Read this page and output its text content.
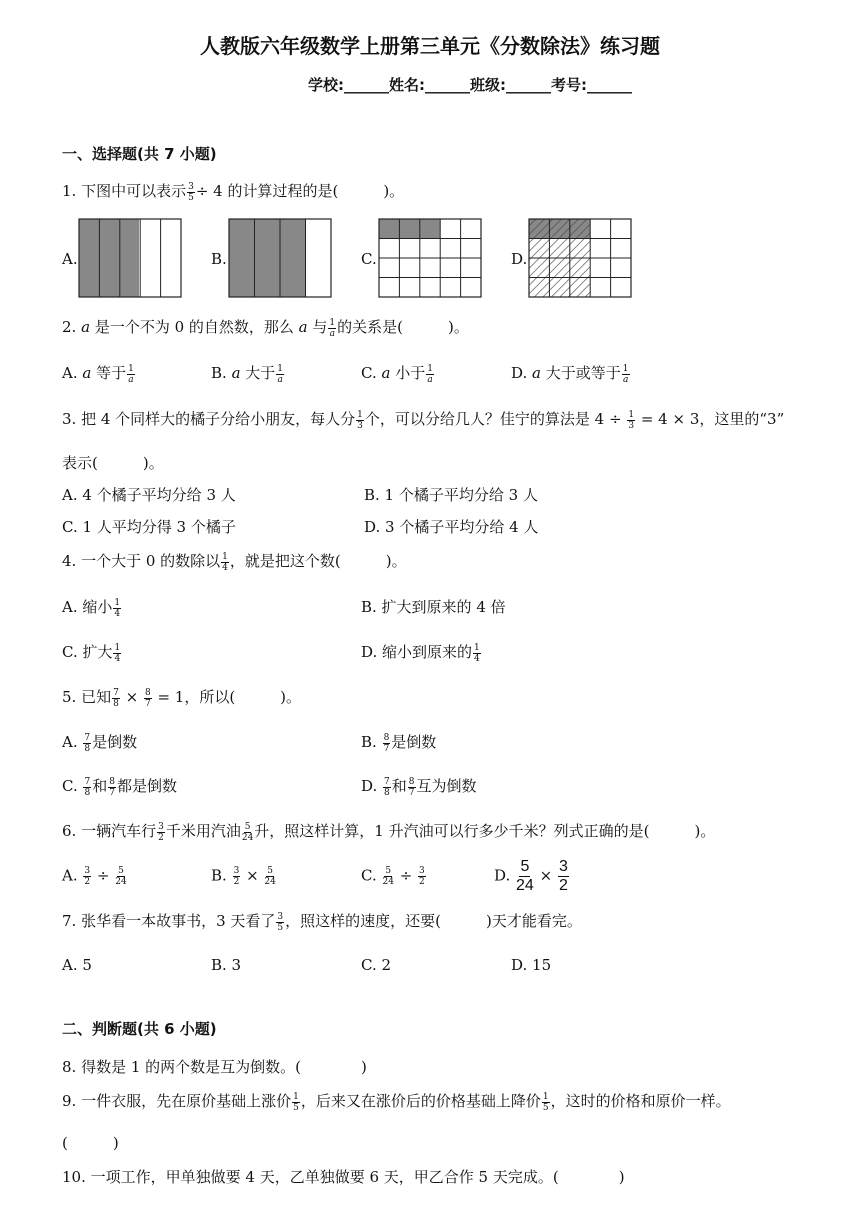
人教版六年级数学上册第三单元《分数除法》练习题
学校:______姓名:______班级:______考号:______
一、选择题(共 7 小题)
1. 下图中可以表示 $\frac{3}{5} \div 4$ 的计算过程的是(　　　)。
A.	B.	C.	D.
2. a 是一个不为 0 的自然数，那么 a 与 $\frac{1}{a}$ 的关系是(　　　)。
A. a 等于 $\frac{1}{a}$	B. a 大于 $\frac{1}{a}$	C. a 小于 $\frac{1}{a}$	D. a 大于或等于 $\frac{1}{a}$
3. 把 4 个同样大的橘子分给小朋友，每人分 $\frac{1}{3}$ 个，可以分给几人？佳宁的算法是 $4 \div \frac{1}{3} = 4 \times 3$，这里的“3”
表示(　　　)。
A. 4 个橘子平均分给 3 人	B. 1 个橘子平均分给 3 人
C. 1 人平均分得 3 个橘子	D. 3 个橘子平均分给 4 人
4. 一个大于 0 的数除以 $\frac{1}{4}$ ，就是把这个数(　　　)。
A. 缩小 $\frac{1}{4}$	B. 扩大到原来的 4 倍
C. 扩大 $\frac{1}{4}$	D. 缩小到原来的 $\frac{1}{4}$
5. 已知 $\frac{7}{8} \times \frac{8}{7} = 1$，所以(　　　)。
A. $\frac{7}{8}$ 是倒数	B. $\frac{8}{7}$ 是倒数
C. $\frac{7}{8}$ 和 $\frac{8}{7}$ 都是倒数	D. $\frac{7}{8}$ 和 $\frac{8}{7}$ 互为倒数
6. 一辆汽车行 $\frac{3}{2}$ 千米用汽油 $\frac{5}{24}$ 升，照这样计算，1 升汽油可以行多少千米？列式正确的是(　　　)。
A. $\frac{3}{2} \div \frac{5}{24}$	B. $\frac{3}{2} \times \frac{5}{24}$	C. $\frac{5}{24} \div \frac{3}{2}$	D. $\frac{5}{24} \times \frac{3}{2}$
7. 张华看一本故事书，3 天看了 $\frac{3}{5}$ ，照这样的速度，还要(　　　)天才能看完。
A. 5	B. 3	C. 2	D. 15
二、判断题(共 6 小题)
8. 得数是 1 的两个数是互为倒数。(　　　　)
9. 一件衣服，先在原价基础上涨价 $\frac{1}{5}$ ，后来又在涨价后的价格基础上降价 $\frac{1}{5}$ ，这时的价格和原价一样。
(　　　)
10. 一项工作，甲单独做要 4 天，乙单独做要 6 天，甲乙合作 5 天完成。(　　　　)
